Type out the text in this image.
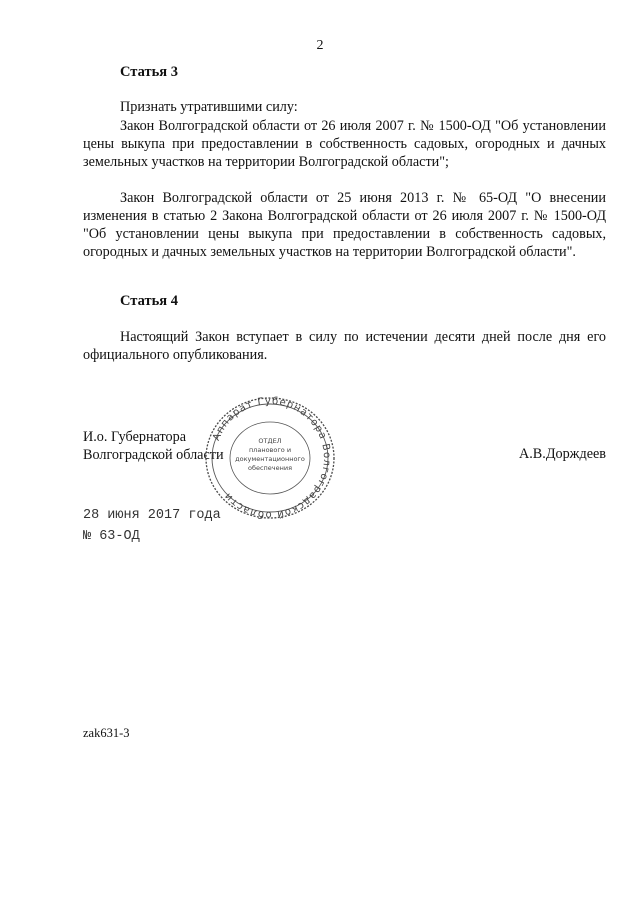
2
Статья 3
Признать утратившими силу:
Закон Волгоградской области от 26 июля 2007 г. № 1500-ОД "Об установлении цены выкупа при предоставлении в собственность садовых, огородных и дачных земельных участков на территории Волгоградской области";
Закон Волгоградской области от 25 июня 2013 г. № 65-ОД "О внесении изменения в статью 2 Закона Волгоградской области от 26 июля 2007 г. № 1500-ОД "Об установлении цены выкупа при предоставлении в собственность садовых, огородных и дачных земельных участков на территории Волгоградской области".
Статья 4
Настоящий Закон вступает в силу по истечении десяти дней после дня его официального опубликования.
И.о. Губернатора
Волгоградской области	А.В.Дорждеев
Аппарат Губернатора Волгоградской области
ОТДЕЛ
планового и
документационного
обеспечения
28 июня 2017 года
№ 63-ОД
zak631-3
